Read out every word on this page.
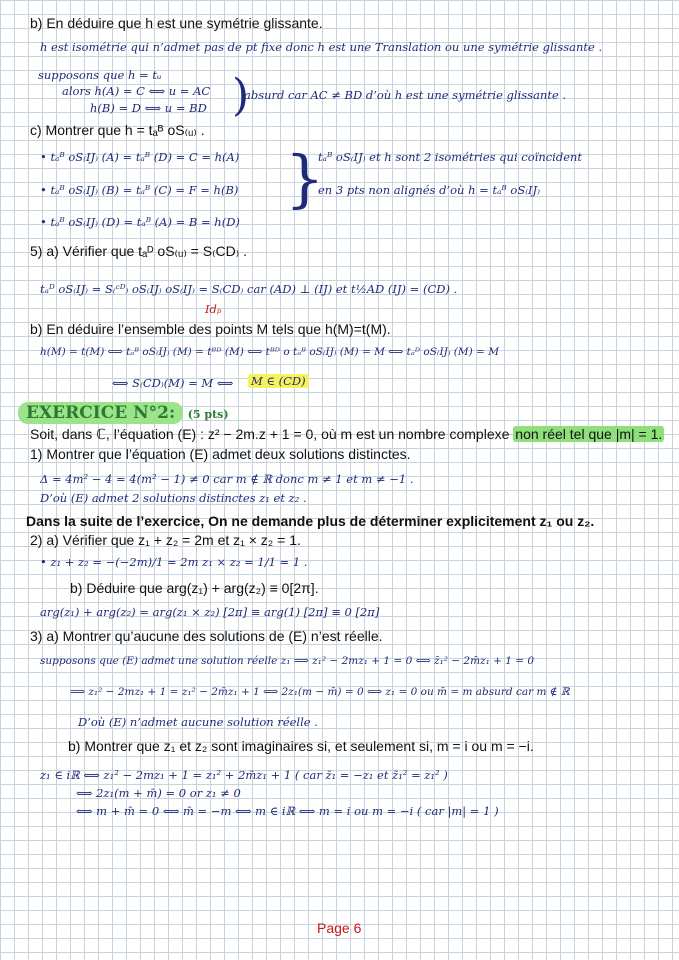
b) En déduire que h est une symétrie glissante.
h est isométrie qui n’admet pas de pt fixe donc h est une Translation ou une symétrie glissante .
supposons que h = tᵤ
alors h(A) = C ⟺ u = AC
h(B) = D ⟺ u = BD )
absurd car AC ≠ BD d’où h est une symétrie glissante .
c) Montrer que h = tₐᴮ oS₍ᵤ₎ .
• tₐᴮ oS₍IJ₎ (A) = tₐᴮ (D) = C = h(A)
• tₐᴮ oS₍IJ₎ (B) = tₐᴮ (C) = F = h(B)
• tₐᴮ oS₍IJ₎ (D) = tₐᴮ (A) = B = h(D)
}
tₐᴮ oS₍IJ₎ et h sont 2 isométries qui coïncident
en 3 pts non alignés d’où h = tₐᴮ oS₍IJ₎
5) a) Vérifier que tₐᴰ oS₍ᵤ₎ = S₍CD₎ .
tₐᴰ oS₍IJ₎ = S₍ᶜᴰ₎ oS₍IJ₎ oS₍IJ₎ = S₍CD₎ car (AD) ⊥ (IJ) et t½AD (IJ) = (CD) .
Idₚ
b) En déduire l’ensemble des points M tels que h(M)=t(M).
h(M) = t(M) ⟺ tₐᴮ oS₍IJ₎ (M) = tᴮᴰ (M) ⟺ tᴮᴰ o tₐᴮ oS₍IJ₎ (M) = M ⟺ tₐᴰ oS₍IJ₎ (M) = M
⟺ S₍CD₎(M) = M ⟺ M ∈ (CD)
EXERCICE N°2: (5 pts)
Soit, dans ℂ, l’équation (E) : z² − 2m.z + 1 = 0, où m est un nombre complexe non réel tel que |m| = 1.
1) Montrer que l’équation (E) admet deux solutions distinctes.
Δ = 4m² − 4 = 4(m² − 1) ≠ 0 car m ∉ ℝ donc m ≠ 1 et m ≠ −1 .
D’où (E) admet 2 solutions distinctes z₁ et z₂ .
Dans la suite de l’exercice, On ne demande plus de déterminer explicitement z₁ ou z₂.
2) a) Vérifier que z₁ + z₂ = 2m et z₁ × z₂ = 1.
• z₁ + z₂ = −(−2m)/1 = 2m z₁ × z₂ = 1/1 = 1 .
b) Déduire que arg(z₁) + arg(z₂) ≡ 0[2π].
arg(z₁) + arg(z₂) = arg(z₁ × z₂) [2π] ≡ arg(1) [2π] ≡ 0 [2π]
3) a) Montrer qu’aucune des solutions de (E) n’est réelle.
supposons que (E) admet une solution réelle z₁ ⟹ z₁² − 2mz₁ + 1 = 0 ⟺ z̄₁² − 2m̄z₁ + 1 = 0
⟹ z₁² − 2mz₁ + 1 = z₁² − 2m̄z₁ + 1 ⟺ 2z₁(m − m̄) = 0 ⟺ z₁ = 0 ou m̄ = m absurd car m ∉ ℝ
D’où (E) n’admet aucune solution réelle .
b) Montrer que z₁ et z₂ sont imaginaires si, et seulement si, m = i ou m = −i.
z₁ ∈ iℝ ⟺ z₁² − 2mz₁ + 1 = z₁² + 2m̄z₁ + 1 ( car z̄₁ = −z₁ et z̄₁² = z₁² )
⟺ 2z₁(m + m̄) = 0 or z₁ ≠ 0
⟺ m + m̄ = 0 ⟺ m̄ = −m ⟺ m ∈ iℝ ⟺ m = i ou m = −i ( car |m| = 1 )
Page 6
